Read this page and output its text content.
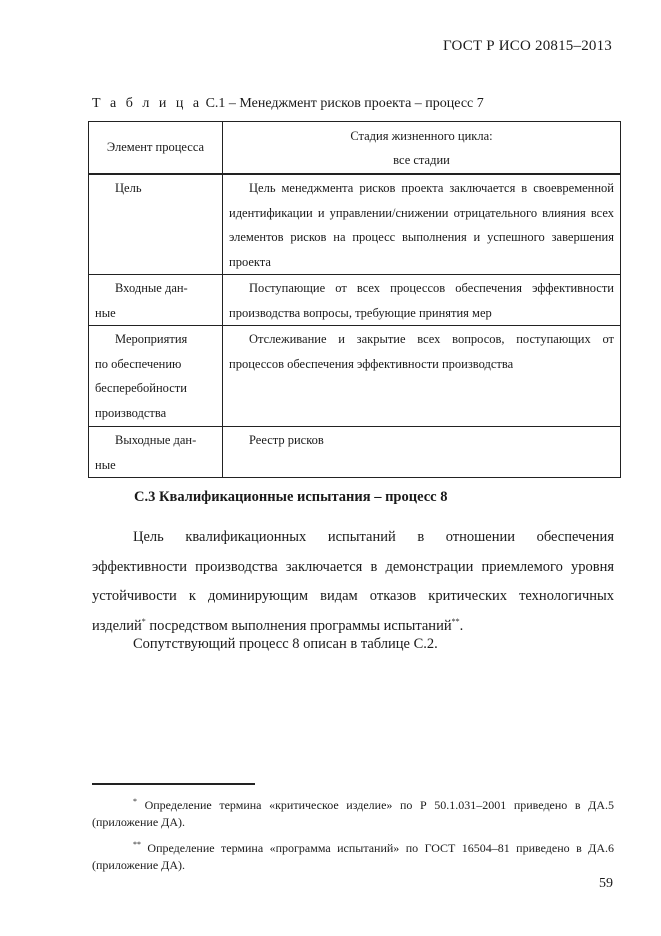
ГОСТ Р ИСО 20815–2013
Т а б л и ц а C.1 – Менеджмент рисков проекта – процесс 7
Элемент процесса	Стадия жизненного цикла:
все стадии

Цель	Цель менеджмента рисков проекта заключается в своевременной идентификации и управлении/снижении отрицательного влияния всех элементов рисков на процесс выполнения и успешного завершения проекта

Входные дан-
ные	Поступающие от всех процессов обеспечения эффективности производства вопросы, требующие принятия мер

Мероприятия
по обеспечению бесперебойности производства	Отслеживание и закрытие всех вопросов, поступающих от процессов обеспечения эффективности производства

Выходные дан-
ные	Реестр рисков
C.3 Квалификационные испытания – процесс 8
Цель квалификационных испытаний в отношении обеспечения эффективности производства заключается в демонстрации приемлемого уровня устойчивости к доминирующим видам отказов критических технологичных изделий* посредством выполнения программы испытаний**.
Сопутствующий процесс 8 описан в таблице C.2.
* Определение термина «критическое изделие» по Р 50.1.031–2001 приведено в ДА.5 (приложение ДА).
** Определение термина «программа испытаний» по ГОСТ 16504–81 приведено в ДА.6 (приложение ДА).
59
